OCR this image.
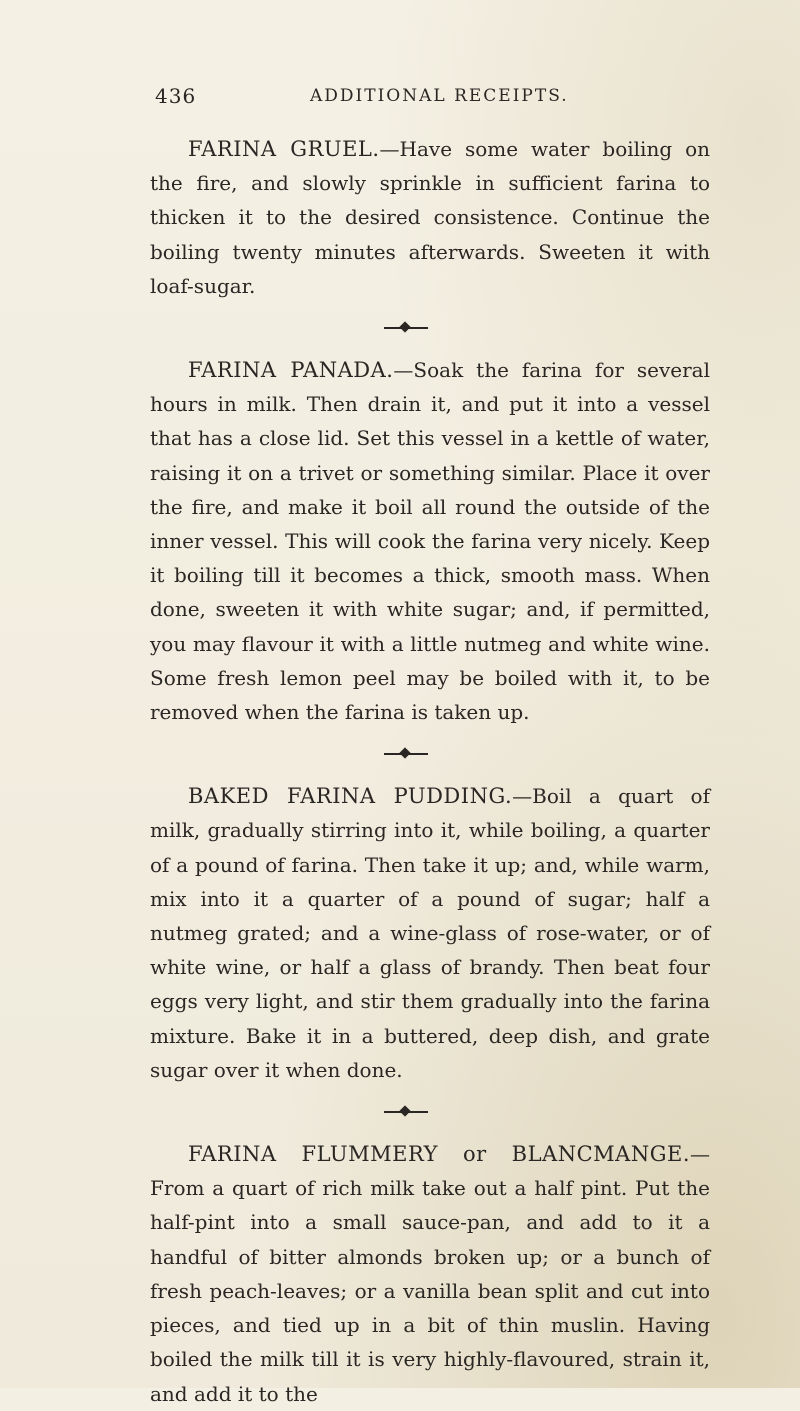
436	ADDITIONAL RECEIPTS.

FARINA GRUEL.—Have some water boiling on the fire, and slowly sprinkle in sufficient farina to thicken it to the desired consistence. Continue the boiling twenty minutes afterwards. Sweeten it with loaf-sugar.

FARINA PANADA.—Soak the farina for several hours in milk. Then drain it, and put it into a vessel that has a close lid. Set this vessel in a kettle of water, raising it on a trivet or something similar. Place it over the fire, and make it boil all round the outside of the inner vessel. This will cook the farina very nicely. Keep it boiling till it becomes a thick, smooth mass. When done, sweeten it with white sugar; and, if permitted, you may flavour it with a little nutmeg and white wine. Some fresh lemon peel may be boiled with it, to be removed when the farina is taken up.

BAKED FARINA PUDDING.—Boil a quart of milk, gradually stirring into it, while boiling, a quarter of a pound of farina. Then take it up; and, while warm, mix into it a quarter of a pound of sugar; half a nutmeg grated; and a wine-glass of rose-water, or of white wine, or half a glass of brandy. Then beat four eggs very light, and stir them gradually into the farina mixture. Bake it in a buttered, deep dish, and grate sugar over it when done.

FARINA FLUMMERY or BLANCMANGE.—From a quart of rich milk take out a half pint. Put the half-pint into a small sauce-pan, and add to it a handful of bitter almonds broken up; or a bunch of fresh peach-leaves; or a vanilla bean split and cut into pieces, and tied up in a bit of thin muslin. Having boiled the milk till it is very highly-flavoured, strain it, and add it to the
